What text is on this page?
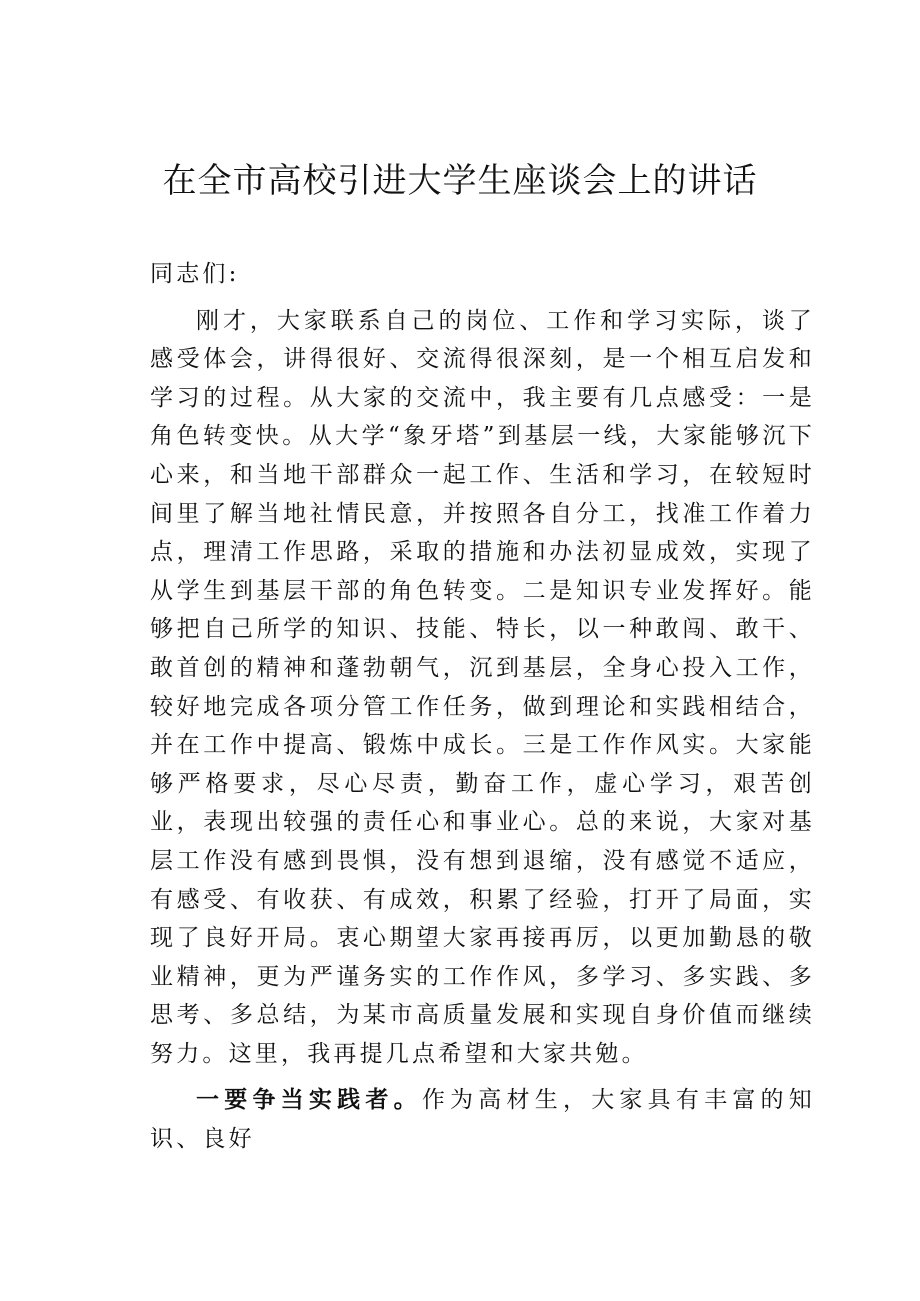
在全市高校引进大学生座谈会上的讲话

同志们:

刚才，大家联系自己的岗位、工作和学习实际，谈了感受体会，讲得很好、交流得很深刻，是一个相互启发和学习的过程。从大家的交流中，我主要有几点感受：一是角色转变快。从大学“象牙塔”到基层一线，大家能够沉下心来，和当地干部群众一起工作、生活和学习，在较短时间里了解当地社情民意，并按照各自分工，找准工作着力点，理清工作思路，采取的措施和办法初显成效，实现了从学生到基层干部的角色转变。二是知识专业发挥好。能够把自己所学的知识、技能、特长，以一种敢闯、敢干、敢首创的精神和蓬勃朝气，沉到基层，全身心投入工作，较好地完成各项分管工作任务，做到理论和实践相结合，并在工作中提高、锻炼中成长。三是工作作风实。大家能够严格要求，尽心尽责，勤奋工作，虚心学习，艰苦创业，表现出较强的责任心和事业心。总的来说，大家对基层工作没有感到畏惧，没有想到退缩，没有感觉不适应，有感受、有收获、有成效，积累了经验，打开了局面，实现了良好开局。衷心期望大家再接再厉，以更加勤恳的敬业精神，更为严谨务实的工作作风，多学习、多实践、多思考、多总结，为某市高质量发展和实现自身价值而继续努力。这里，我再提几点希望和大家共勉。

一要争当实践者。作为高材生，大家具有丰富的知识、良好
